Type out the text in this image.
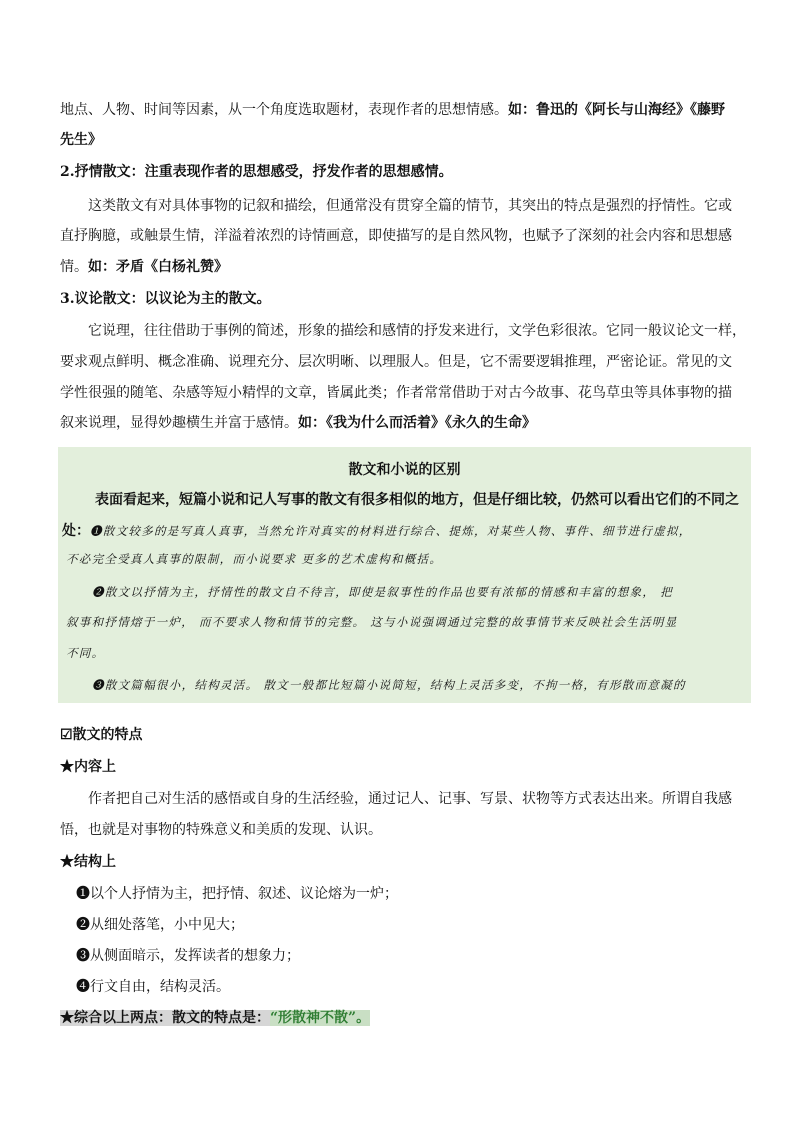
地点、人物、时间等因素，从一个角度选取题材，表现作者的思想情感。如：鲁迅的《阿长与山海经》《藤野
先生》
2.抒情散文：注重表现作者的思想感受，抒发作者的思想感情。
这类散文有对具体事物的记叙和描绘，但通常没有贯穿全篇的情节，其突出的特点是强烈的抒情性。它或
直抒胸臆，或触景生情，洋溢着浓烈的诗情画意，即使描写的是自然风物，也赋予了深刻的社会内容和思想感
情。如：矛盾《白杨礼赞》
3.议论散文：以议论为主的散文。
它说理，往往借助于事例的简述，形象的描绘和感情的抒发来进行，文学色彩很浓。它同一般议论文一样，
要求观点鲜明、概念准确、说理充分、层次明晰、以理服人。但是，它不需要逻辑推理，严密论证。常见的文
学性很强的随笔、杂感等短小精悍的文章，皆属此类；作者常常借助于对古今故事、花鸟草虫等具体事物的描
叙来说理，显得妙趣横生并富于感情。如：《我为什么而活着》《永久的生命》
散文和小说的区别
表面看起来，短篇小说和记人写事的散文有很多相似的地方，但是仔细比较，仍然可以看出它们的不同之
处：❶散文较多的是写真人真事，当然允许对真实的材料进行综合、提炼，对某些人物、事件、细节进行虚拟，
不必完全受真人真事的限制，而小说要求 更多的艺术虚构和概括。
❷散文以抒情为主，抒情性的散文自不待言，即使是叙事性的作品也要有浓郁的情感和丰富的想象， 把
叙事和抒情熔于一炉， 而不要求人物和情节的完整。 这与小说强调通过完整的故事情节来反映社会生活明显
不同。
❸散文篇幅很小，结构灵活。 散文一般都比短篇小说简短，结构上灵活多变，不拘一格，有形散而意凝的
☑散文的特点
★内容上
作者把自己对生活的感悟或自身的生活经验，通过记人、记事、写景、状物等方式表达出来。所谓自我感
悟，也就是对事物的特殊意义和美质的发现、认识。
★结构上
❶以个人抒情为主，把抒情、叙述、议论熔为一炉；
❷从细处落笔，小中见大；
❸从侧面暗示，发挥读者的想象力；
❹行文自由，结构灵活。
★综合以上两点：散文的特点是：“形散神不散”。
